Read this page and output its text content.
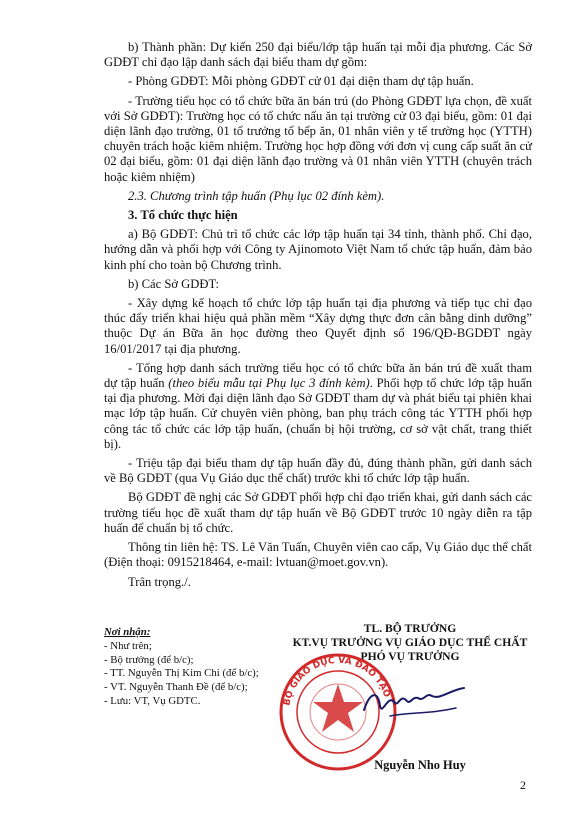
b) Thành phần: Dự kiến 250 đại biểu/lớp tập huấn tại mỗi địa phương. Các Sở GDĐT chỉ đạo lập danh sách đại biểu tham dự gồm:

- Phòng GDĐT: Mỗi phòng GDĐT cử 01 đại diện tham dự tập huấn.

- Trường tiểu học có tổ chức bữa ăn bán trú (do Phòng GDĐT lựa chọn, đề xuất với Sở GDĐT): Trường học có tổ chức nấu ăn tại trường cử 03 đại biểu, gồm: 01 đại diện lãnh đạo trường, 01 tổ trưởng tổ bếp ăn, 01 nhân viên y tế trường học (YTTH) chuyên trách hoặc kiêm nhiệm. Trường học hợp đồng với đơn vị cung cấp suất ăn cử 02 đại biểu, gồm: 01 đại diện lãnh đạo trường và 01 nhân viên YTTH (chuyên trách hoặc kiêm nhiệm)

2.3. Chương trình tập huấn (Phụ lục 02 đính kèm).

3. Tổ chức thực hiện

a) Bộ GDĐT: Chủ trì tổ chức các lớp tập huấn tại 34 tỉnh, thành phố. Chỉ đạo, hướng dẫn và phối hợp với Công ty Ajinomoto Việt Nam tổ chức tập huấn, đảm bảo kinh phí cho toàn bộ Chương trình.

b) Các Sở GDĐT:

- Xây dựng kế hoạch tổ chức lớp tập huấn tại địa phương và tiếp tục chỉ đạo thúc đẩy triển khai hiệu quả phần mềm “Xây dựng thực đơn cân bằng dinh dưỡng” thuộc Dự án Bữa ăn học đường theo Quyết định số 196/QĐ-BGDĐT ngày 16/01/2017 tại địa phương.

- Tổng hợp danh sách trường tiểu học có tổ chức bữa ăn bán trú đề xuất tham dự tập huấn (theo biểu mẫu tại Phụ lục 3 đính kèm). Phối hợp tổ chức lớp tập huấn tại địa phương. Mời đại diện lãnh đạo Sở GDĐT tham dự và phát biểu tại phiên khai mạc lớp tập huấn. Cử chuyên viên phòng, ban phụ trách công tác YTTH phối hợp công tác tổ chức các lớp tập huấn, (chuẩn bị hội trường, cơ sở vật chất, trang thiết bị).

- Triệu tập đại biểu tham dự tập huấn đầy đủ, đúng thành phần, gửi danh sách về Bộ GDĐT (qua Vụ Giáo dục thể chất) trước khi tổ chức lớp tập huấn.

Bộ GDĐT đề nghị các Sở GDĐT phối hợp chỉ đạo triển khai, gửi danh sách các trường tiểu học đề xuất tham dự tập huấn về Bộ GDĐT trước 10 ngày diễn ra tập huấn để chuẩn bị tổ chức.

Thông tin liên hệ: TS. Lê Văn Tuấn, Chuyên viên cao cấp, Vụ Giáo dục thể chất (Điện thoại: 0915218464, e-mail: lvtuan@moet.gov.vn).

Trân trọng./.

Nơi nhận:
- Như trên;
- Bộ trưởng (để b/c);
- TT. Nguyễn Thị Kim Chi (để b/c);
- VT. Nguyễn Thanh Đề (để b/c);
- Lưu: VT, Vụ GDTC.
TL. BỘ TRƯỞNG
KT.VỤ TRƯỞNG VỤ GIÁO DỤC THỂ CHẤT
PHÓ VỤ TRƯỞNG
BỘ GIÁO DỤC VÀ ĐÀO TẠO
Nguyễn Nho Huy
2
